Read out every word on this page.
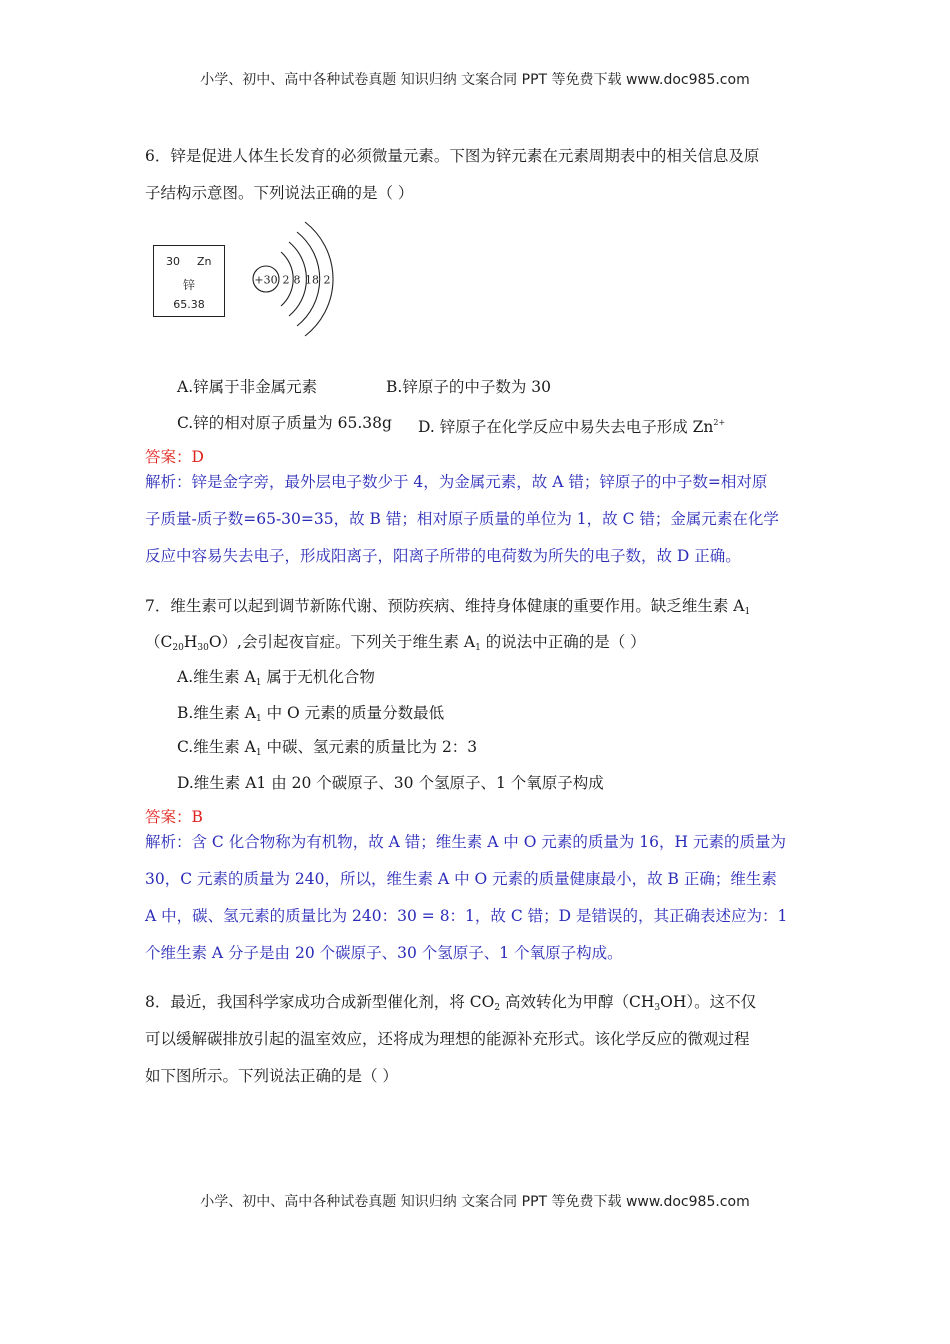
小学、初中、高中各种试卷真题 知识归纳 文案合同 PPT 等免费下载 www.doc985.com
6．锌是促进人体生长发育的必须微量元素。下图为锌元素在元素周期表中的相关信息及原
子结构示意图。下列说法正确的是（ ）
30 Zn
锌
65.38
+30 2 8 18 2
A.锌属于非金属元素	B.锌原子的中子数为 30
C.锌的相对原子质量为 65.38g D. 锌原子在化学反应中易失去电子形成 $Zn^{2+}$
答案：D
解析：锌是金字旁，最外层电子数少于 4，为金属元素，故 A 错；锌原子的中子数=相对原
子质量-质子数=65-30=35，故 B 错；相对原子质量的单位为 1，故 C 错；金属元素在化学
反应中容易失去电子，形成阳离子，阳离子所带的电荷数为所失的电子数，故 D 正确。
7．维生素可以起到调节新陈代谢、预防疾病、维持身体健康的重要作用。缺乏维生素 $A_1$
$(C_{20}H_{30}O)$,会引起夜盲症。下列关于维生素 $A_1$ 的说法中正确的是（ ）
A.维生素 $A_1$ 属于无机化合物
B.维生素 $A_1$ 中 O 元素的质量分数最低
C.维生素 $A_1$ 中碳、氢元素的质量比为 2：3
D.维生素 A1 由 20 个碳原子、30 个氢原子、1 个氧原子构成
答案：B
解析：含 C 化合物称为有机物，故 A 错；维生素 A 中 O 元素的质量为 16，H 元素的质量为
30，C 元素的质量为 240，所以，维生素 A 中 O 元素的质量健康最小，故 B 正确；维生素
A 中，碳、氢元素的质量比为 240：30 = 8：1，故 C 错；D 是错误的，其正确表述应为：1
个维生素 A 分子是由 20 个碳原子、30 个氢原子、1 个氧原子构成。
8．最近，我国科学家成功合成新型催化剂，将 $CO_2$ 高效转化为甲醇$(CH_3OH)$。这不仅
可以缓解碳排放引起的温室效应，还将成为理想的能源补充形式。该化学反应的微观过程
如下图所示。下列说法正确的是（ ）
小学、初中、高中各种试卷真题 知识归纳 文案合同 PPT 等免费下载 www.doc985.com
